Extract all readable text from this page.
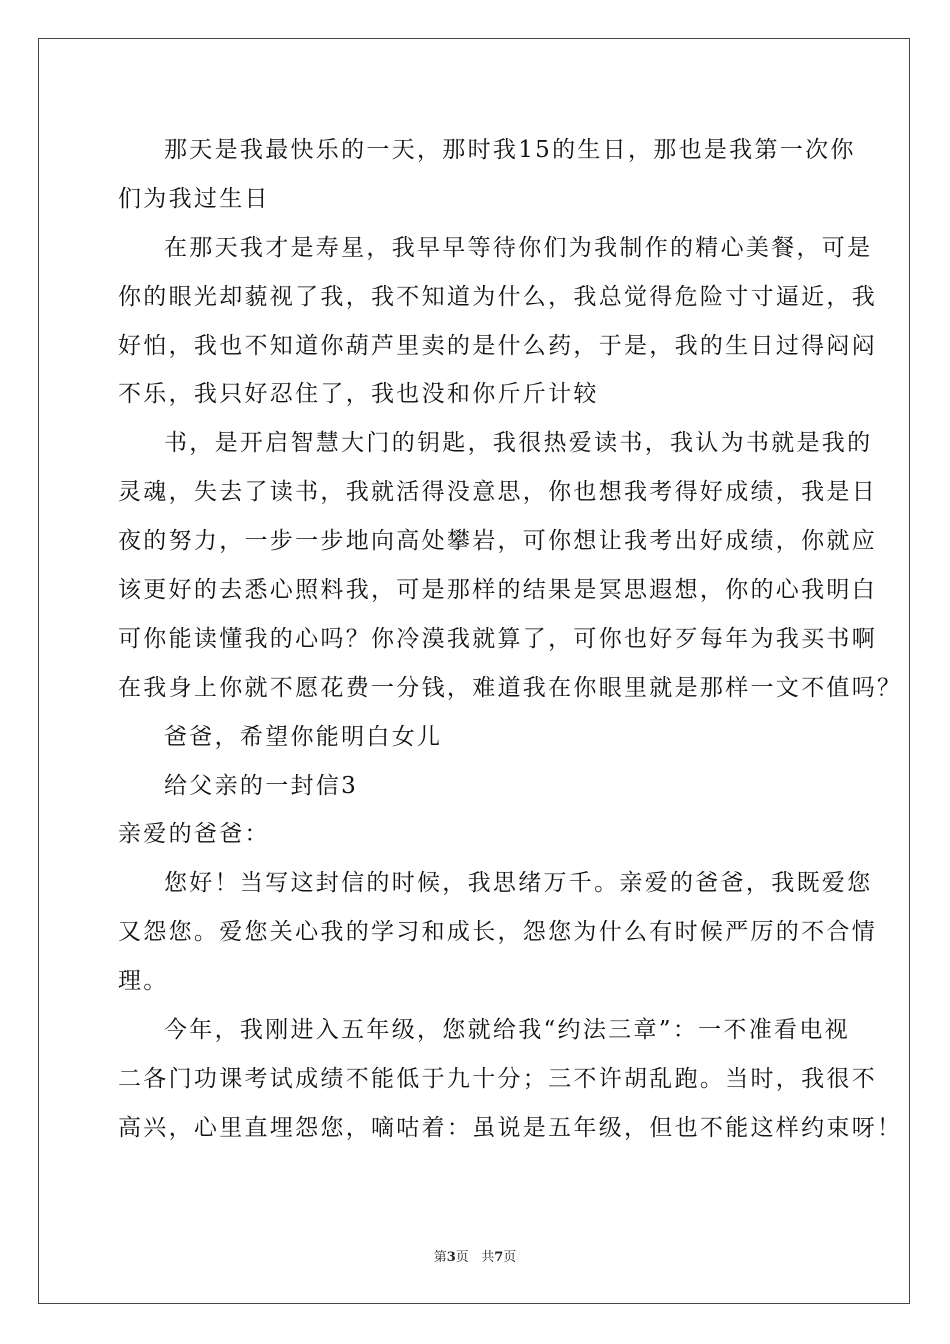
那天是我最快乐的一天，那时我15的生日，那也是我第一次你
们为我过生日
在那天我才是寿星，我早早等待你们为我制作的精心美餐，可是
你的眼光却藐视了我，我不知道为什么，我总觉得危险寸寸逼近，我
好怕，我也不知道你葫芦里卖的是什么药，于是，我的生日过得闷闷
不乐，我只好忍住了，我也没和你斤斤计较
书，是开启智慧大门的钥匙，我很热爱读书，我认为书就是我的
灵魂，失去了读书，我就活得没意思，你也想我考得好成绩，我是日
夜的努力，一步一步地向高处攀岩，可你想让我考出好成绩，你就应
该更好的去悉心照料我，可是那样的结果是冥思遐想，你的心我明白
可你能读懂我的心吗？你冷漠我就算了，可你也好歹每年为我买书啊
在我身上你就不愿花费一分钱，难道我在你眼里就是那样一文不值吗？
爸爸，希望你能明白女儿
给父亲的一封信3
亲爱的爸爸：
您好！当写这封信的时候，我思绪万千。亲爱的爸爸，我既爱您
又怨您。爱您关心我的学习和成长，怨您为什么有时候严厉的不合情
理。
今年，我刚进入五年级，您就给我“约法三章”：一不准看电视
二各门功课考试成绩不能低于九十分；三不许胡乱跑。当时，我很不
高兴，心里直埋怨您，嘀咕着：虽说是五年级，但也不能这样约束呀！
第3页 共7页
